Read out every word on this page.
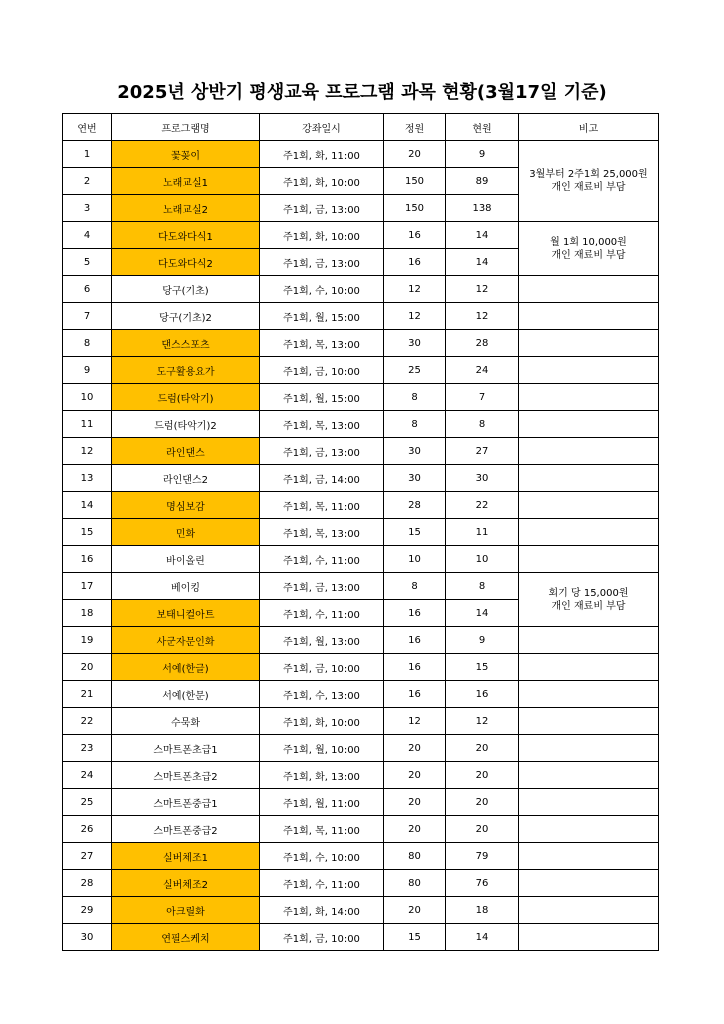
2025년 상반기 평생교육 프로그램 과목 현황(3월17일 기준)
연번	프로그램명	강좌일시	정원	현원	비고
1	꽃꽂이	주1회, 화, 11:00	20	9	3월부터 2주1회 25,000원
개인 재료비 부담

2	노래교실1	주1회, 화, 10:00	150	89	
3	노래교실2	주1회, 금, 13:00	150	138	
4	다도와다식1	주1회, 화, 10:00	16	14	월 1회 10,000원
개인 재료비 부담

5	다도와다식2	주1회, 금, 13:00	16	14	
6	당구(기초)	주1회, 수, 10:00	12	12	
7	당구(기초)2	주1회, 월, 15:00	12	12	
8	댄스스포츠	주1회, 목, 13:00	30	28	
9	도구활용요가	주1회, 금, 10:00	25	24	
10	드럼(타악기)	주1회, 월, 15:00	8	7	
11	드럼(타악기)2	주1회, 목, 13:00	8	8	
12	라인댄스	주1회, 금, 13:00	30	27	
13	라인댄스2	주1회, 금, 14:00	30	30	
14	명심보감	주1회, 목, 11:00	28	22	
15	민화	주1회, 목, 13:00	15	11	
16	바이올린	주1회, 수, 11:00	10	10	
17	베이킹	주1회, 금, 13:00	8	8	회기 당 15,000원
개인 재료비 부담

18	보태니컬아트	주1회, 수, 11:00	16	14	
19	사군자문인화	주1회, 월, 13:00	16	9	
20	서예(한글)	주1회, 금, 10:00	16	15	
21	서예(한문)	주1회, 수, 13:00	16	16	
22	수묵화	주1회, 화, 10:00	12	12	
23	스마트폰초급1	주1회, 월, 10:00	20	20	
24	스마트폰초급2	주1회, 화, 13:00	20	20	
25	스마트폰중급1	주1회, 월, 11:00	20	20	
26	스마트폰중급2	주1회, 목, 11:00	20	20	
27	실버체조1	주1회, 수, 10:00	80	79	
28	실버체조2	주1회, 수, 11:00	80	76	
29	아크릴화	주1회, 화, 14:00	20	18	
30	연필스케치	주1회, 금, 10:00	15	14	
